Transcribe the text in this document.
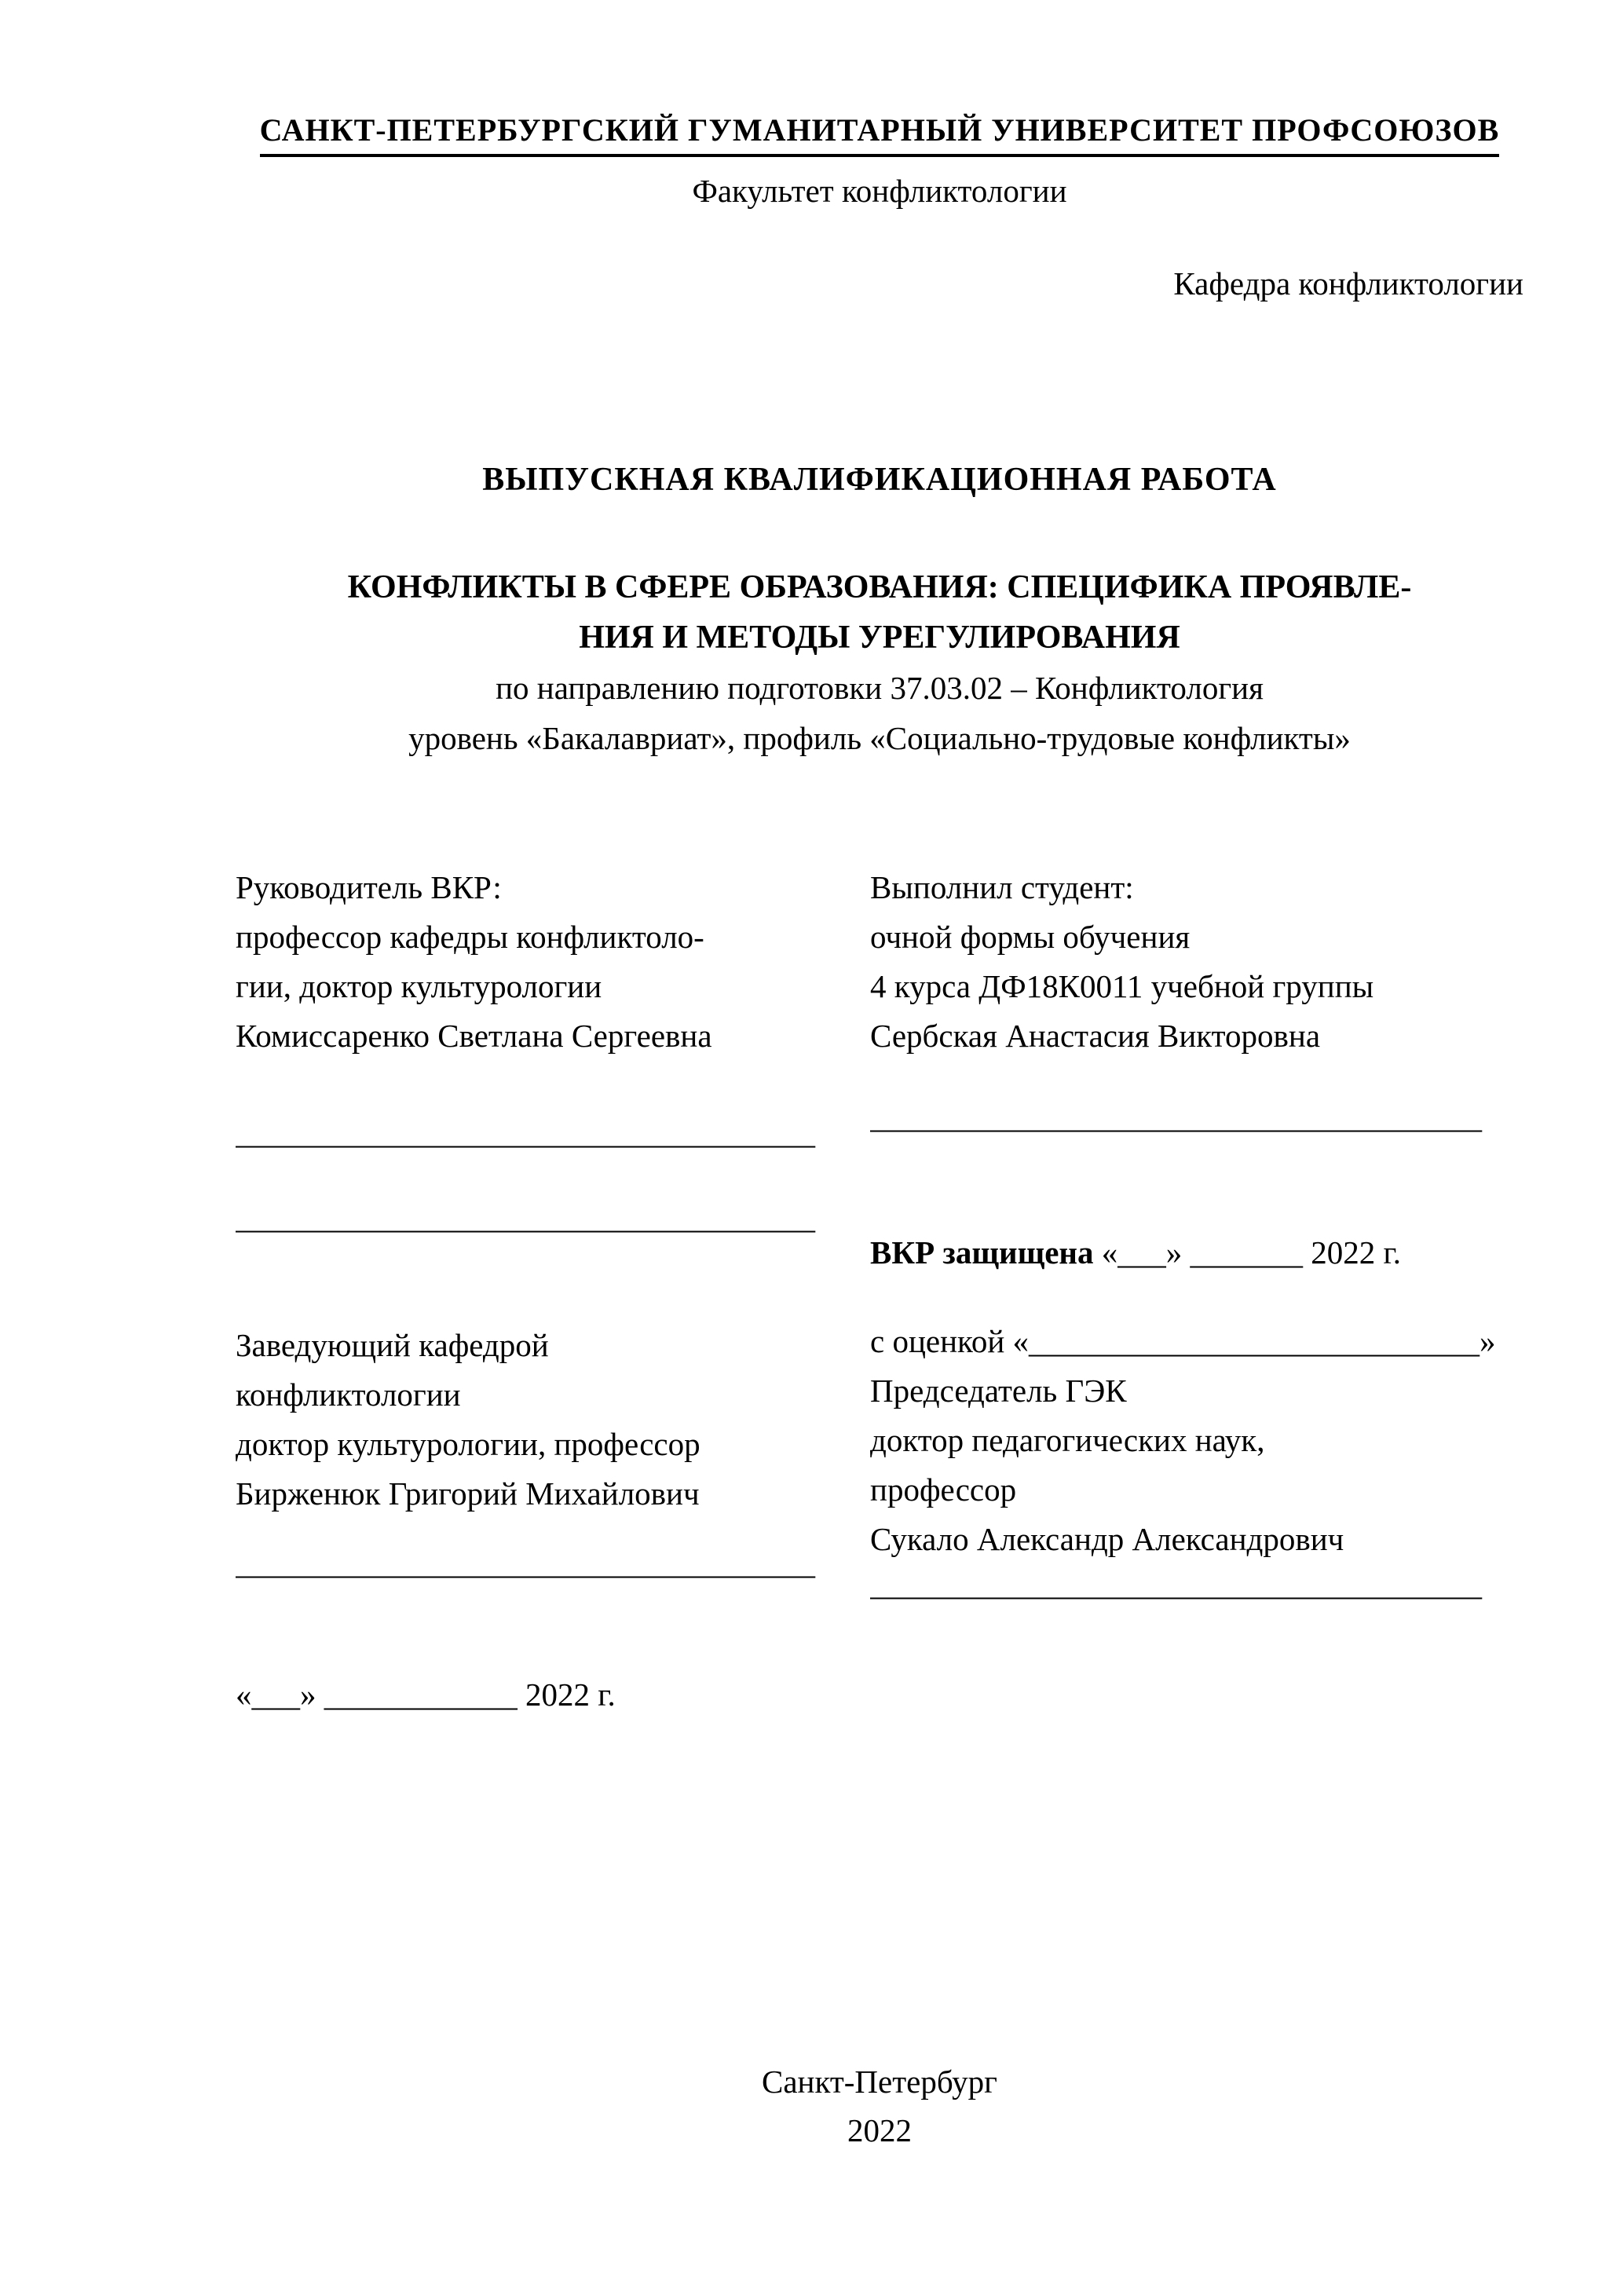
САНКТ-ПЕТЕРБУРГСКИЙ ГУМАНИТАРНЫЙ УНИВЕРСИТЕТ ПРОФСОЮЗОВ
Факультет конфликтологии
Кафедра конфликтологии
ВЫПУСКНАЯ КВАЛИФИКАЦИОННАЯ РАБОТА
КОНФЛИКТЫ В СФЕРЕ ОБРАЗОВАНИЯ: СПЕЦИФИКА ПРОЯВЛЕ-
НИЯ И МЕТОДЫ УРЕГУЛИРОВАНИЯ
по направлению подготовки 37.03.02 – Конфликтология
уровень «Бакалавриат», профиль «Социально-трудовые конфликты»
Руководитель ВКР:
профессор кафедры конфликтоло-
гии, доктор культурологии
Комиссаренко Светлана Сергеевна
____________________________________
____________________________________
Заведующий кафедрой
конфликтологии
доктор культурологии, профессор
Бирженюк Григорий Михайлович
____________________________________
«___» ____________ 2022 г.
Выполнил студент:
очной формы обучения
4 курса ДФ18К0011 учебной группы
Сербская Анастасия Викторовна
______________________________________
ВКР защищена «___» _______ 2022 г.
с оценкой «____________________________»
Председатель ГЭК
доктор педагогических наук,
профессор
Сукало Александр Александрович
______________________________________
Санкт-Петербург
2022
